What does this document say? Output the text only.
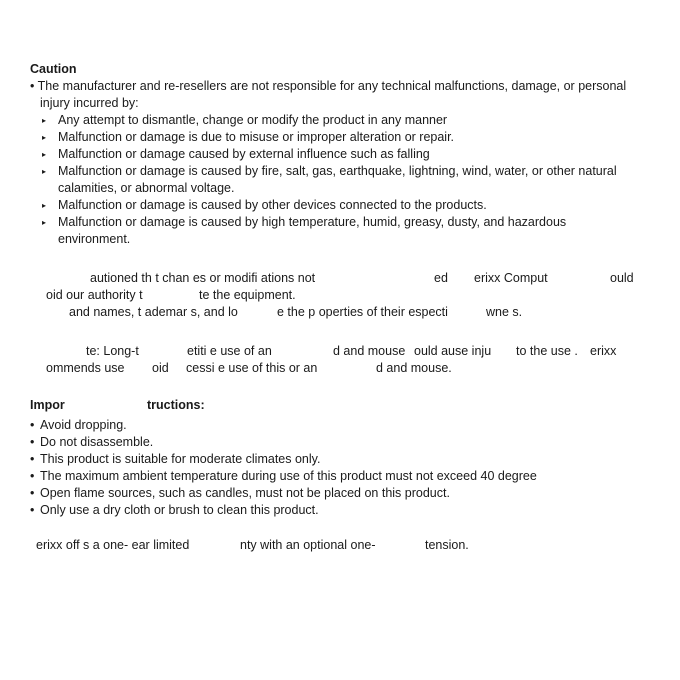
Caution
• The manufacturer and re-resellers are not responsible for any technical malfunctions, damage, or personal
injury incurred by:
▸ Any attempt to dismantle, change or modify the product in any manner
▸ Malfunction or damage is due to misuse or improper alteration or repair.
▸ Malfunction or damage caused by external influence such as falling
▸ Malfunction or damage is caused by fire, salt, gas, earthquake, lightning, wind, water, or other natural
calamities, or abnormal voltage.
▸ Malfunction or damage is caused by other devices connected to the products.
▸ Malfunction or damage is caused by high temperature, humid, greasy, dusty, and hazardous
environment.
autioned th t chan es or modifi ations not	ed erixx Comput	ould
oid our authority t	te the equipment.
and names, t ademar s, and lo	e the p operties of their especti	wne s.
te: Long-t	etiti e use of an	d and mouse ould ause inju to the use . erixx
ommends use oid cessi e use of this or an	d and mouse.
Impor	tructions:
• Avoid dropping.
• Do not disassemble.
• This product is suitable for moderate climates only.
• The maximum ambient temperature during use of this product must not exceed 40 degree
• Open flame sources, such as candles, must not be placed on this product.
• Only use a dry cloth or brush to clean this product.
erixx off s a one- ear limited	nty with an optional one-	tension.
